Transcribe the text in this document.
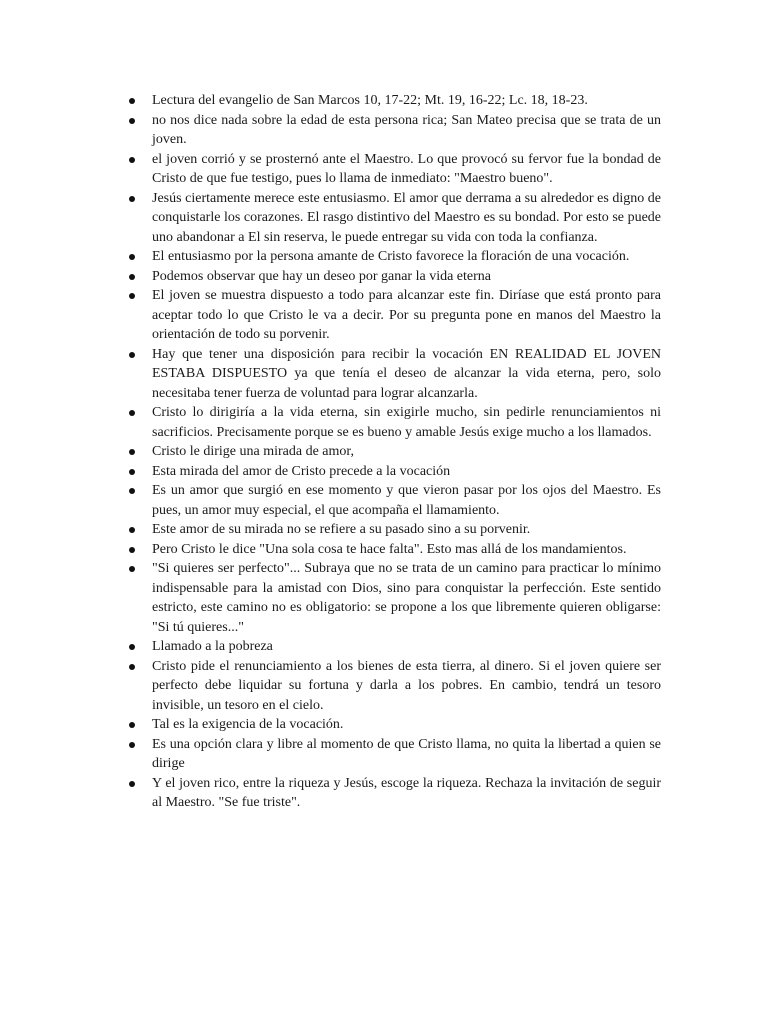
Lectura del evangelio de San Marcos 10, 17-22; Mt. 19, 16-22; Lc. 18, 18-23.
no nos dice nada sobre la edad de esta persona rica; San Mateo precisa que se trata de un joven.
el joven corrió y se prosternó ante el Maestro. Lo que provocó su fervor fue la bondad de Cristo de que fue testigo, pues lo llama de inmediato: "Maestro bueno".
Jesús ciertamente merece este entusiasmo. El amor que derrama a su alrededor es digno de conquistarle los corazones. El rasgo distintivo del Maestro es su bondad. Por esto se puede uno abandonar a El sin reserva, le puede entregar su vida con toda la confianza.
El entusiasmo por la persona amante de Cristo favorece la floración de una vocación.
Podemos observar que hay un deseo por ganar la vida eterna
El joven se muestra dispuesto a todo para alcanzar este fin. Diríase que está pronto para aceptar todo lo que Cristo le va a decir. Por su pregunta pone en manos del Maestro la orientación de todo su porvenir.
Hay que tener una disposición para recibir la vocación EN REALIDAD EL JOVEN ESTABA DISPUESTO ya que tenía el deseo de alcanzar la vida eterna, pero, solo necesitaba tener fuerza de voluntad para lograr alcanzarla.
Cristo lo dirigiría a la vida eterna, sin exigirle mucho, sin pedirle renunciamientos ni sacrificios. Precisamente porque se es bueno y amable Jesús exige mucho a los llamados.
Cristo le dirige una mirada de amor,
Esta mirada del amor de Cristo precede a la vocación
Es un amor que surgió en ese momento y que vieron pasar por los ojos del Maestro. Es pues, un amor muy especial, el que acompaña el llamamiento.
Este amor de su mirada no se refiere a su pasado sino a su porvenir.
Pero Cristo le dice "Una sola cosa te hace falta". Esto mas allá de los mandamientos.
"Si quieres ser perfecto"... Subraya que no se trata de un camino para practicar lo mínimo indispensable para la amistad con Dios, sino para conquistar la perfección. Este sentido estricto, este camino no es obligatorio: se propone a los que libremente quieren obligarse: "Si tú quieres..."
Llamado a la pobreza
Cristo pide el renunciamiento a los bienes de esta tierra, al dinero. Si el joven quiere ser perfecto debe liquidar su fortuna y darla a los pobres. En cambio, tendrá un tesoro invisible, un tesoro en el cielo.
Tal es la exigencia de la vocación.
Es una opción clara y libre al momento de que Cristo llama, no quita la libertad a quien se dirige
Y el joven rico, entre la riqueza y Jesús, escoge la riqueza. Rechaza la invitación de seguir al Maestro. "Se fue triste".
